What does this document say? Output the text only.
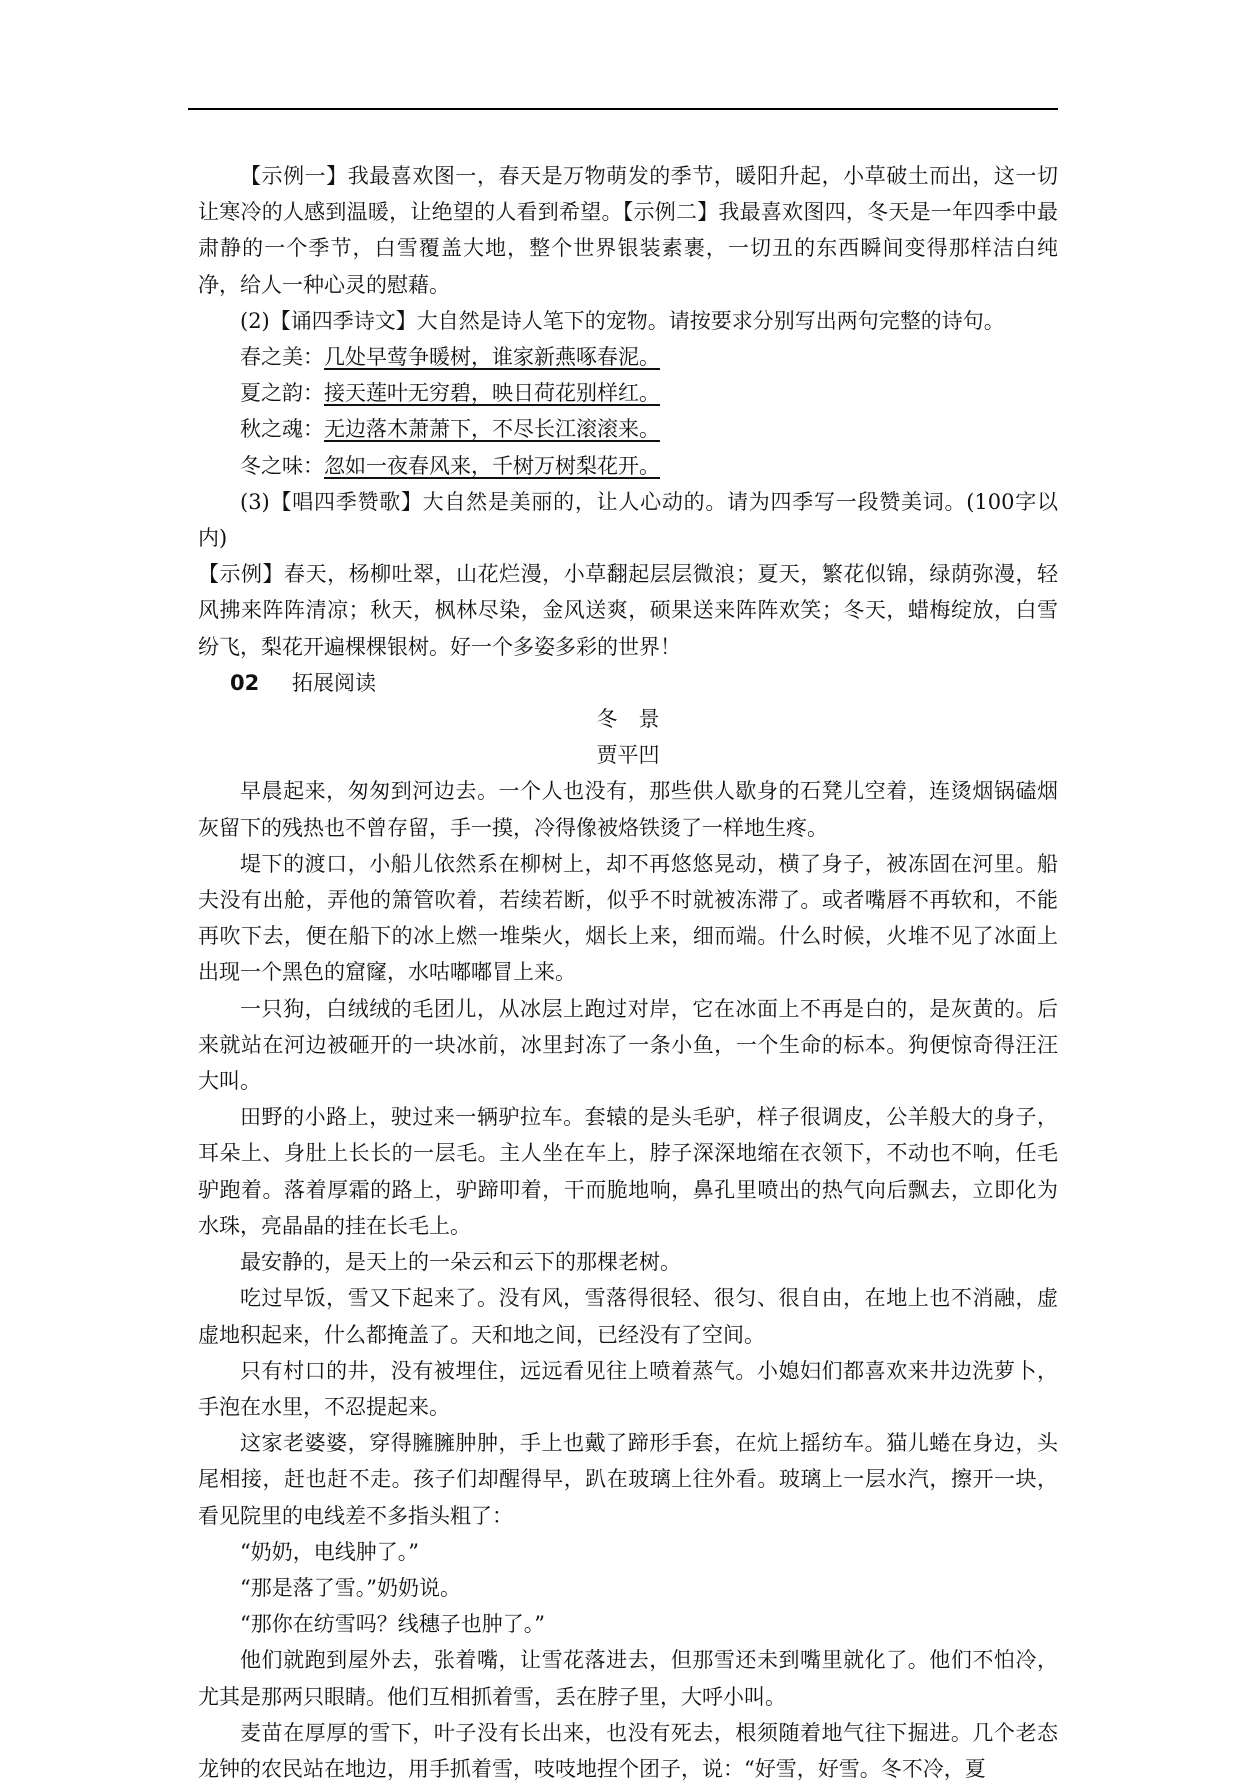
【示例一】我最喜欢图一，春天是万物萌发的季节，暖阳升起，小草破土而出，这一切让寒冷的人感到温暖，让绝望的人看到希望。【示例二】我最喜欢图四，冬天是一年四季中最肃静的一个季节，白雪覆盖大地，整个世界银装素裹，一切丑的东西瞬间变得那样洁白纯净，给人一种心灵的慰藉。

(2)【诵四季诗文】大自然是诗人笔下的宠物。请按要求分别写出两句完整的诗句。

春之美：几处早莺争暖树，谁家新燕啄春泥。

夏之韵：接天莲叶无穷碧，映日荷花别样红。

秋之魂：无边落木萧萧下，不尽长江滚滚来。

冬之味：忽如一夜春风来，千树万树梨花开。

(3)【唱四季赞歌】大自然是美丽的，让人心动的。请为四季写一段赞美词。(100字以内)

【示例】春天，杨柳吐翠，山花烂漫，小草翻起层层微浪；夏天，繁花似锦，绿荫弥漫，轻风拂来阵阵清凉；秋天，枫林尽染，金风送爽，硕果送来阵阵欢笑；冬天，蜡梅绽放，白雪纷飞，梨花开遍棵棵银树。好一个多姿多彩的世界！

02 拓展阅读

冬　景

贾平凹

早晨起来，匆匆到河边去。一个人也没有，那些供人歇身的石凳儿空着，连烫烟锅磕烟灰留下的残热也不曾存留，手一摸，冷得像被烙铁烫了一样地生疼。

堤下的渡口，小船儿依然系在柳树上，却不再悠悠晃动，横了身子，被冻固在河里。船夫没有出舱，弄他的箫管吹着，若续若断，似乎不时就被冻滞了。或者嘴唇不再软和，不能再吹下去，便在船下的冰上燃一堆柴火，烟长上来，细而端。什么时候，火堆不见了冰面上出现一个黑色的窟窿，水咕嘟嘟冒上来。

一只狗，白绒绒的毛团儿，从冰层上跑过对岸，它在冰面上不再是白的，是灰黄的。后来就站在河边被砸开的一块冰前，冰里封冻了一条小鱼，一个生命的标本。狗便惊奇得汪汪大叫。

田野的小路上，驶过来一辆驴拉车。套辕的是头毛驴，样子很调皮，公羊般大的身子，耳朵上、身肚上长长的一层毛。主人坐在车上，脖子深深地缩在衣领下，不动也不响，任毛驴跑着。落着厚霜的路上，驴蹄叩着，干而脆地响，鼻孔里喷出的热气向后飘去，立即化为水珠，亮晶晶的挂在长毛上。

最安静的，是天上的一朵云和云下的那棵老树。

吃过早饭，雪又下起来了。没有风，雪落得很轻、很匀、很自由，在地上也不消融，虚虚地积起来，什么都掩盖了。天和地之间，已经没有了空间。

只有村口的井，没有被埋住，远远看见往上喷着蒸气。小媳妇们都喜欢来井边洗萝卜，手泡在水里，不忍提起来。

这家老婆婆，穿得臃臃肿肿，手上也戴了蹄形手套，在炕上摇纺车。猫儿蜷在身边，头尾相接，赶也赶不走。孩子们却醒得早，趴在玻璃上往外看。玻璃上一层水汽，擦开一块，看见院里的电线差不多指头粗了：

“奶奶，电线肿了。”

“那是落了雪。”奶奶说。

“那你在纺雪吗？线穗子也肿了。”

他们就跑到屋外去，张着嘴，让雪花落进去，但那雪还未到嘴里就化了。他们不怕冷，尤其是那两只眼睛。他们互相抓着雪，丢在脖子里，大呼小叫。

麦苗在厚厚的雪下，叶子没有长出来，也没有死去，根须随着地气往下掘进。几个老态龙钟的农民站在地边，用手抓着雪，吱吱地捏个团子，说：“好雪，好雪。冬不冷，夏
